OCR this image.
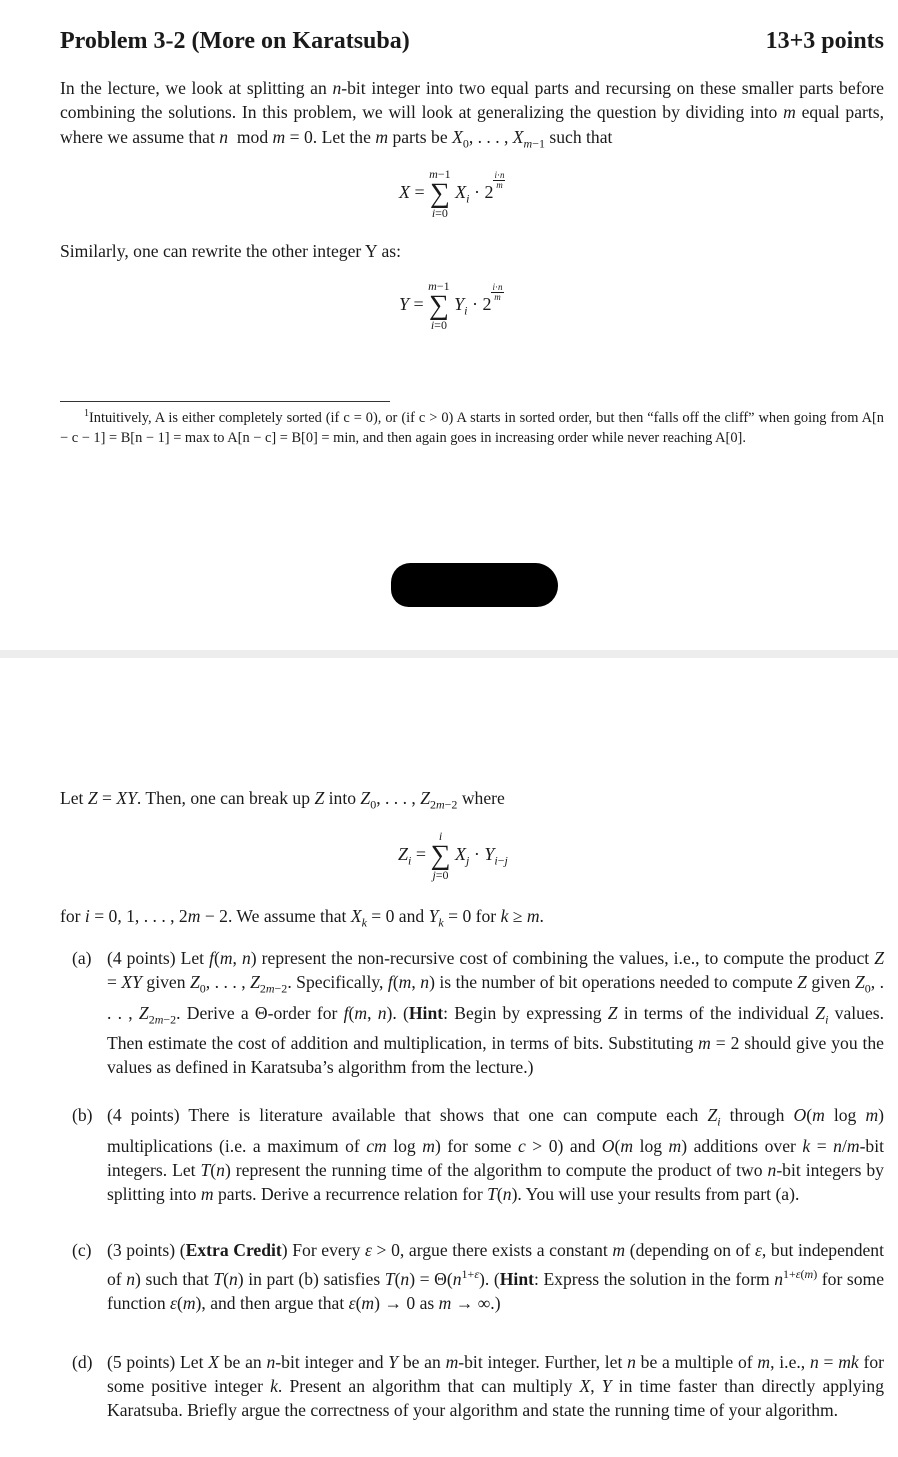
Problem 3-2 (More on Karatsuba)	13+3 points
In the lecture, we look at splitting an n-bit integer into two equal parts and recursing on these smaller parts before combining the solutions. In this problem, we will look at generalizing the question by dividing into m equal parts, where we assume that n  mod m = 0. Let the m parts be $X_0$, . . . , $X_{m-1}$ such that
X =
m−1
∑
i=0
$X_i \cdot 2$
$\frac{i\cdot n}{m}$
Similarly, one can rewrite the other integer Y as:
Y =
m−1
∑
i=0
$Y_i \cdot 2$
$\frac{i\cdot n}{m}$
$^1$Intuitively, A is either completely sorted (if c = 0), or (if c > 0) A starts in sorted order, but then “falls off the cliff” when going from A[n − c − 1] = B[n − 1] = max to A[n − c] = B[0] = min, and then again goes in increasing order while never reaching A[0].
Let Z = XY. Then, one can break up Z into $Z_0$, . . . , $Z_{2m-2}$ where
$Z_i$ =
i
∑
j=0
$X_j \cdot Y_{i-j}$
for i = 0, 1, . . . , 2m − 2. We assume that $X_k = 0$ and $Y_k = 0$ for k ≥ m.
(a) (4 points) Let f(m, n) represent the non-recursive cost of combining the values, i.e., to compute the product Z = XY given $Z_0$, . . . , $Z_{2m-2}$. Specifically, f(m, n) is the number of bit operations needed to compute Z given $Z_0$, . . . , $Z_{2m-2}$. Derive a Θ-order for f(m, n). (Hint: Begin by expressing Z in terms of the individual $Z_i$ values. Then estimate the cost of addition and multiplication, in terms of bits. Substituting m = 2 should give you the values as defined in Karatsuba’s algorithm from the lecture.)
(b) (4 points) There is literature available that shows that one can compute each $Z_i$ through O(m log m) multiplications (i.e. a maximum of cm log m) for some c > 0) and O(m log m) additions over k = n/m-bit integers. Let T(n) represent the running time of the algorithm to compute the product of two n-bit integers by splitting into m parts. Derive a recurrence relation for T(n). You will use your results from part (a).
(c) (3 points) (Extra Credit) For every ε > 0, argue there exists a constant m (depending on of ε, but independent of n) such that T(n) in part (b) satisfies $T(n) = \Theta(n^{1+\varepsilon})$. (Hint: Express the solution in the form $n^{1+\varepsilon(m)}$ for some function ε(m), and then argue that ε(m) → 0 as m → ∞.)
(d) (5 points) Let X be an n-bit integer and Y be an m-bit integer. Further, let n be a multiple of m, i.e., n = mk for some positive integer k. Present an algorithm that can multiply X, Y in time faster than directly applying Karatsuba. Briefly argue the correctness of your algorithm and state the running time of your algorithm.
